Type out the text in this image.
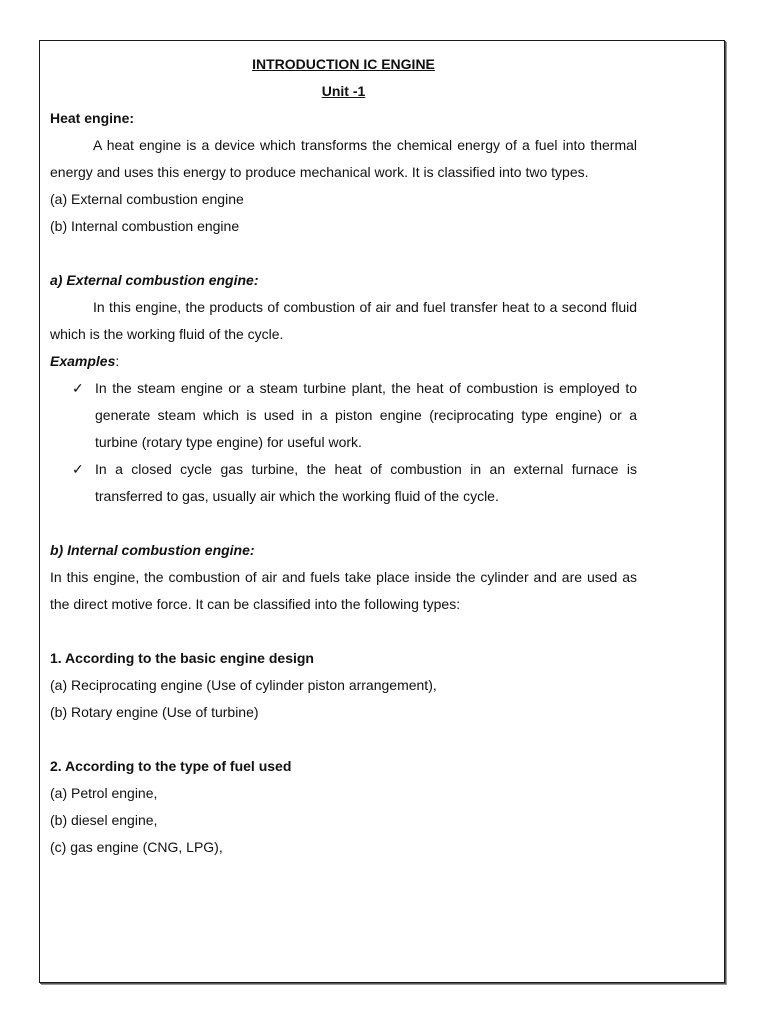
INTRODUCTION IC ENGINE
Unit -1
Heat engine:
A heat engine is a device which transforms the chemical energy of a fuel into thermal energy and uses this energy to produce mechanical work. It is classified into two types.
(a) External combustion engine
(b) Internal combustion engine
a) External combustion engine:
In this engine, the products of combustion of air and fuel transfer heat to a second fluid which is the working fluid of the cycle.
Examples:
✓ In the steam engine or a steam turbine plant, the heat of combustion is employed to generate steam which is used in a piston engine (reciprocating type engine) or a turbine (rotary type engine) for useful work.
✓ In a closed cycle gas turbine, the heat of combustion in an external furnace is transferred to gas, usually air which the working fluid of the cycle.
b) Internal combustion engine:
In this engine, the combustion of air and fuels take place inside the cylinder and are used as the direct motive force. It can be classified into the following types:
1. According to the basic engine design
(a) Reciprocating engine (Use of cylinder piston arrangement),
(b) Rotary engine (Use of turbine)
2. According to the type of fuel used
(a) Petrol engine,
(b) diesel engine,
(c) gas engine (CNG, LPG),
